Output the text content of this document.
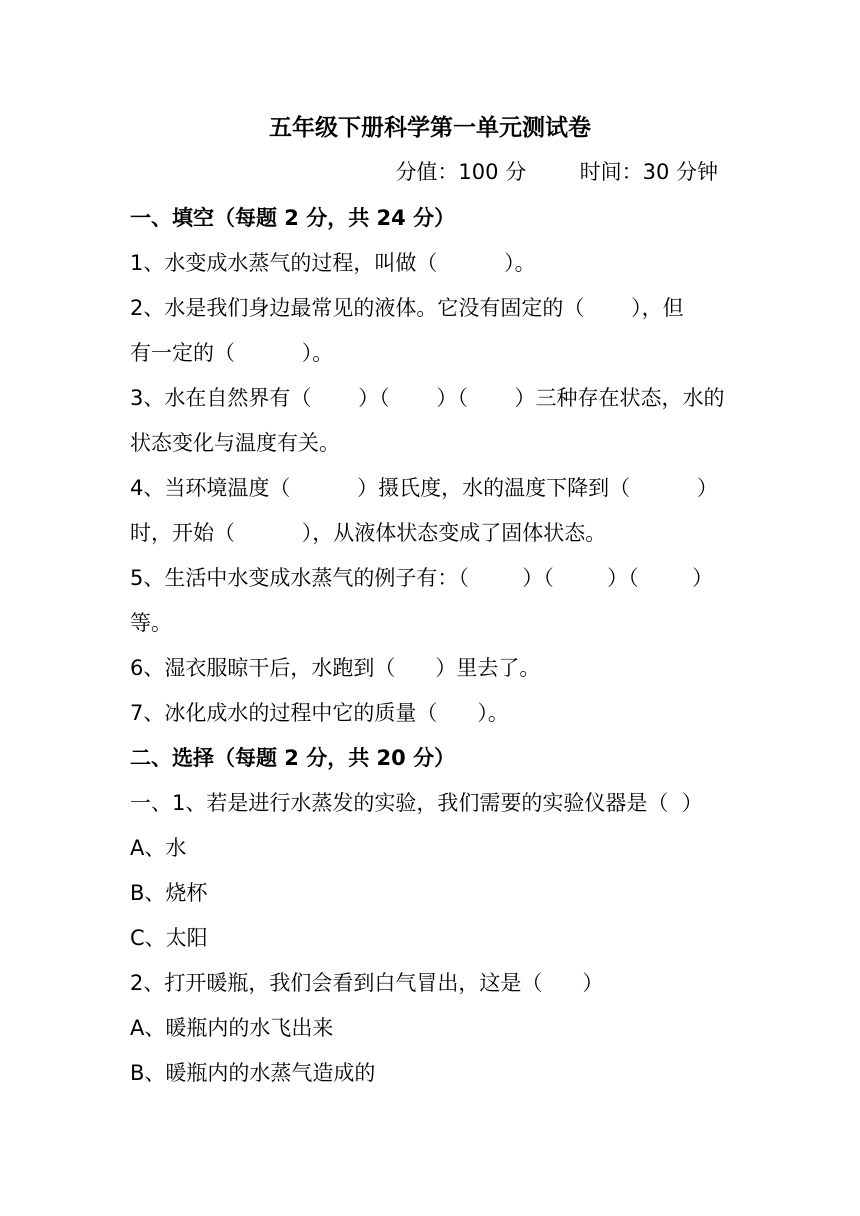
五年级下册科学第一单元测试卷

分值：100 分        时间：30 分钟

一、填空（每题 2 分，共 24 分）

1、水变成水蒸气的过程，叫做（          ）。

2、水是我们身边最常见的液体。它没有固定的（       ），但

有一定的（          ）。

3、水在自然界有（       ）（       ）（       ）三种存在状态，水的

状态变化与温度有关。

4、当环境温度（          ）摄氏度，水的温度下降到（          ）

时，开始（          ），从液体状态变成了固体状态。

5、生活中水变成水蒸气的例子有：（        ）（        ）（        ）

等。

6、湿衣服晾干后，水跑到（      ）里去了。

7、冰化成水的过程中它的质量（      ）。

二、选择（每题 2 分，共 20 分）

一、1、若是进行水蒸发的实验，我们需要的实验仪器是（  ）

A、水

B、烧杯

C、太阳

2、打开暖瓶，我们会看到白气冒出，这是（      ）

A、暖瓶内的水飞出来

B、暖瓶内的水蒸气造成的
